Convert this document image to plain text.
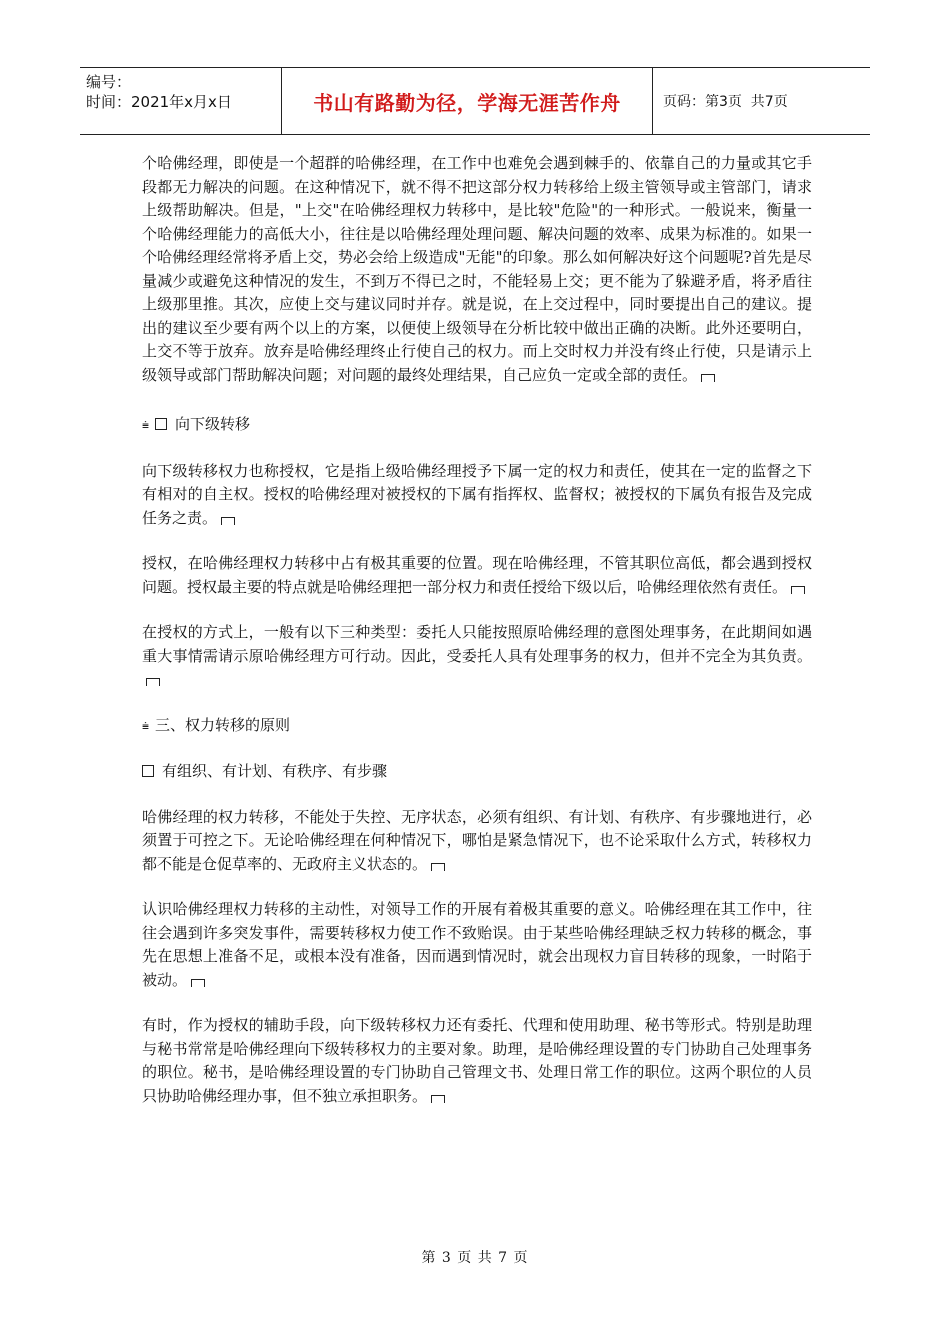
编号：
时间：2021年x月x日	书山有路勤为径，学海无涯苦作舟	页码：第3页  共7页

个哈佛经理，即使是一个超群的哈佛经理，在工作中也难免会遇到棘手的、依靠自己的力量或其它手段都无力解决的问题。在这种情况下，就不得不把这部分权力转移给上级主管领导或主管部门，请求上级帮助解决。但是，"上交"在哈佛经理权力转移中，是比较"危险"的一种形式。一般说来，衡量一个哈佛经理能力的高低大小，往往是以哈佛经理处理问题、解决问题的效率、成果为标准的。如果一个哈佛经理经常将矛盾上交，势必会给上级造成"无能"的印象。那么如何解决好这个问题呢?首先是尽量减少或避免这种情况的发生，不到万不得已之时，不能轻易上交；更不能为了躲避矛盾，将矛盾往上级那里推。其次，应使上交与建议同时并存。就是说，在上交过程中，同时要提出自己的建议。提出的建议至少要有两个以上的方案，以便使上级领导在分析比较中做出正确的决断。此外还要明白，上交不等于放弃。放弃是哈佛经理终止行使自己的权力。而上交时权力并没有终止行使，只是请示上级领导或部门帮助解决问题；对问题的最终处理结果，自己应负一定或全部的责任。

⩧ 向下级转移

向下级转移权力也称授权，它是指上级哈佛经理授予下属一定的权力和责任，使其在一定的监督之下有相对的自主权。授权的哈佛经理对被授权的下属有指挥权、监督权；被授权的下属负有报告及完成任务之责。

授权，在哈佛经理权力转移中占有极其重要的位置。现在哈佛经理，不管其职位高低，都会遇到授权问题。授权最主要的特点就是哈佛经理把一部分权力和责任授给下级以后，哈佛经理依然有责任。

在授权的方式上，一般有以下三种类型：委托人只能按照原哈佛经理的意图处理事务，在此期间如遇重大事情需请示原哈佛经理方可行动。因此，受委托人具有处理事务的权力，但并不完全为其负责。

⩧ 三、权力转移的原则

有组织、有计划、有秩序、有步骤

哈佛经理的权力转移，不能处于失控、无序状态，必须有组织、有计划、有秩序、有步骤地进行，必须置于可控之下。无论哈佛经理在何种情况下，哪怕是紧急情况下，也不论采取什么方式，转移权力都不能是仓促草率的、无政府主义状态的。

认识哈佛经理权力转移的主动性，对领导工作的开展有着极其重要的意义。哈佛经理在其工作中，往往会遇到许多突发事件，需要转移权力使工作不致贻误。由于某些哈佛经理缺乏权力转移的概念，事先在思想上准备不足，或根本没有准备，因而遇到情况时，就会出现权力盲目转移的现象，一时陷于被动。

有时，作为授权的辅助手段，向下级转移权力还有委托、代理和使用助理、秘书等形式。特别是助理与秘书常常是哈佛经理向下级转移权力的主要对象。助理，是哈佛经理设置的专门协助自己处理事务的职位。秘书，是哈佛经理设置的专门协助自己管理文书、处理日常工作的职位。这两个职位的人员只协助哈佛经理办事，但不独立承担职务。

第 3 页 共 7 页
